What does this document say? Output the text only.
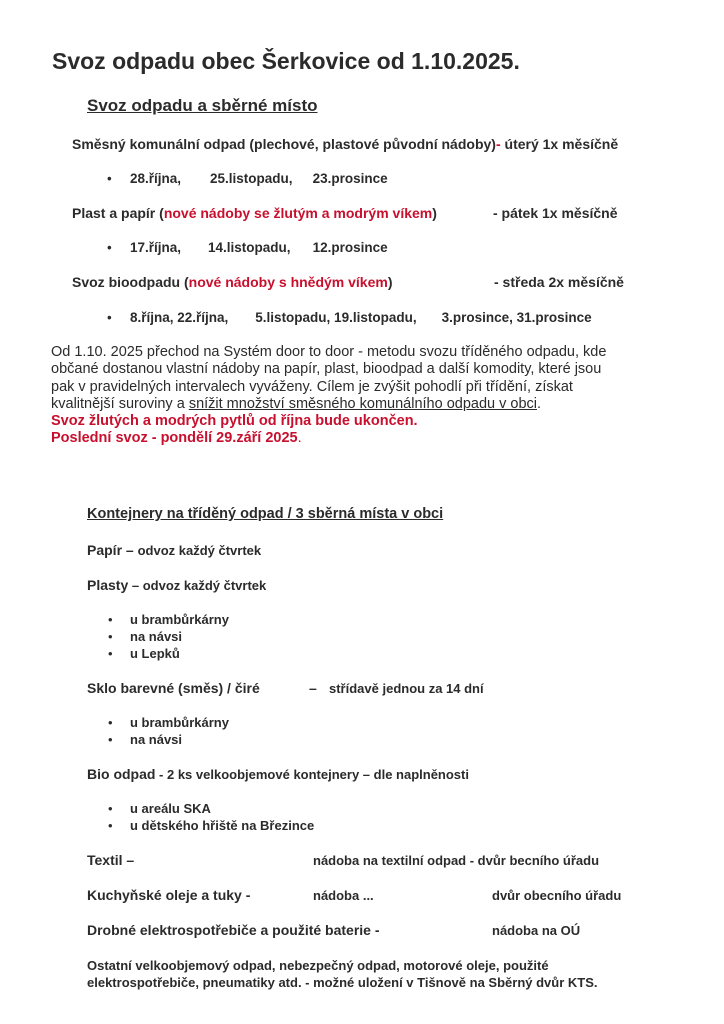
Svoz odpadu obec Šerkovice od 1.10.2025.
Svoz odpadu a sběrné místo
Směsný komunální odpad (plechové, plastové původní nádoby)- úterý 1x měsíčně
• 28.října, 25.listopadu, 23.prosince
Plast a papír (nové nádoby se žlutým a modrým víkem)	- pátek 1x měsíčně
• 17.října, 14.listopadu, 12.prosince
Svoz bioodpadu (nové nádoby s hnědým víkem)	- středa 2x měsíčně
• 8.října, 22.října, 5.listopadu, 19.listopadu, 3.prosince, 31.prosince
Od 1.10. 2025 přechod na Systém door to door - metodu svozu tříděného odpadu, kde
občané dostanou vlastní nádoby na papír, plast, bioodpad a další komodity, které jsou
pak v pravidelných intervalech vyváženy. Cílem je zvýšit pohodlí při třídění, získat
kvalitnější suroviny a snížit množství směsného komunálního odpadu v obci.
Svoz žlutých a modrých pytlů od října bude ukončen.
Poslední svoz - pondělí 29.září 2025.
Kontejnery na tříděný odpad / 3 sběrná místa v obci
Papír – odvoz každý čtvrtek
Plasty – odvoz každý čtvrtek
• u brambůrkárny
• na návsi
• u Lepků
Sklo barevné (směs) / čiré	– střídavě jednou za 14 dní
• u brambůrkárny
• na návsi
Bio odpad - 2 ks velkoobjemové kontejnery – dle naplněnosti
• u areálu SKA
• u dětského hřiště na Březince
Textil –	nádoba na textilní odpad - dvůr becního úřadu
Kuchyňské oleje a tuky -	nádoba ...	dvůr obecního úřadu
Drobné elektrospotřebiče a použité baterie -	nádoba na OÚ
Ostatní velkoobjemový odpad, nebezpečný odpad, motorové oleje, použité
elektrospotřebiče, pneumatiky atd. - možné uložení v Tišnově na Sběrný dvůr KTS.
